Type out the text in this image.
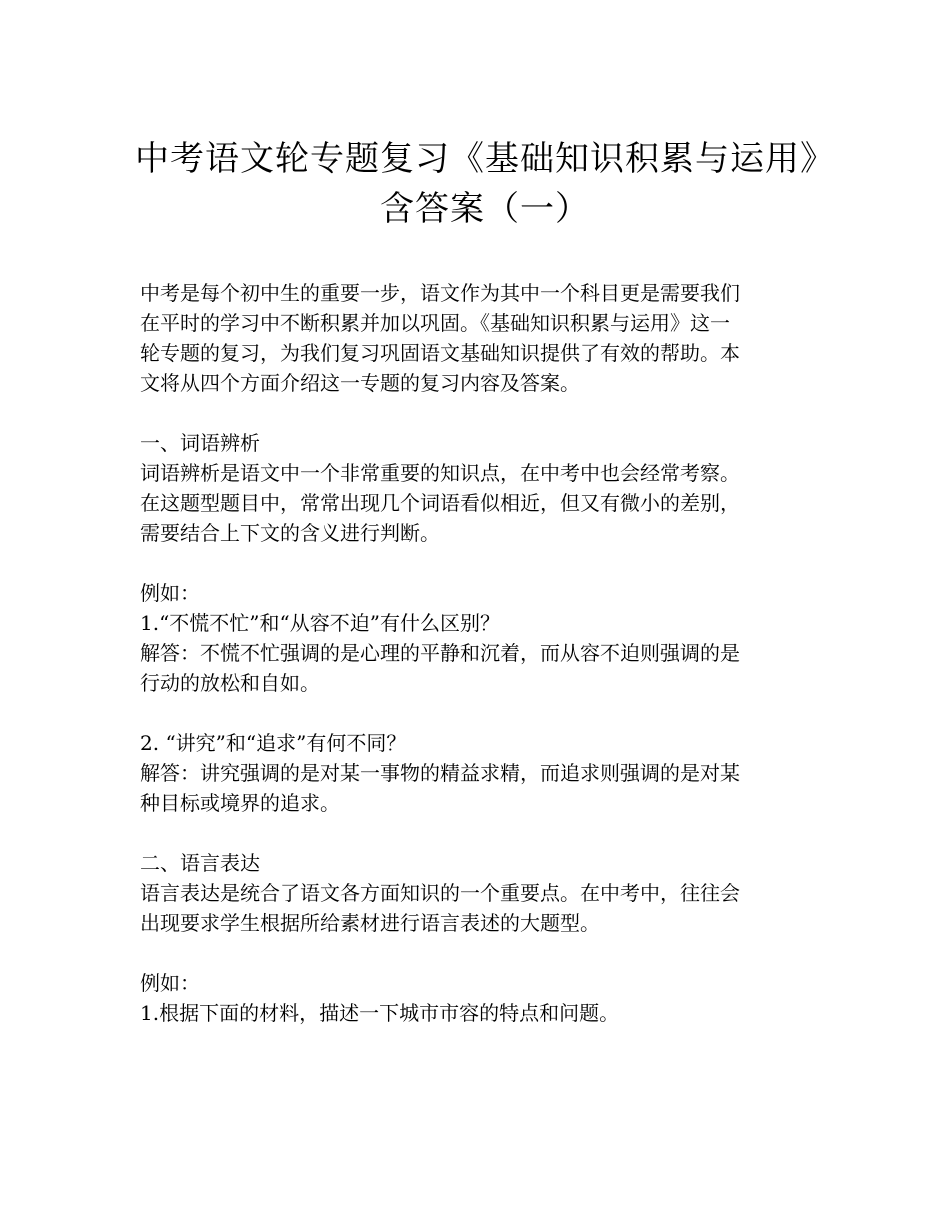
中考语文轮专题复习《基础知识积累与运用》
含答案（一）
中考是每个初中生的重要一步，语文作为其中一个科目更是需要我们
在平时的学习中不断积累并加以巩固。《基础知识积累与运用》这一
轮专题的复习，为我们复习巩固语文基础知识提供了有效的帮助。本
文将从四个方面介绍这一专题的复习内容及答案。
一、词语辨析
词语辨析是语文中一个非常重要的知识点，在中考中也会经常考察。
在这题型题目中，常常出现几个词语看似相近，但又有微小的差别，
需要结合上下文的含义进行判断。
例如：
1.“不慌不忙”和“从容不迫”有什么区别？
解答：不慌不忙强调的是心理的平静和沉着，而从容不迫则强调的是
行动的放松和自如。
2. “讲究”和“追求”有何不同？
解答：讲究强调的是对某一事物的精益求精，而追求则强调的是对某
种目标或境界的追求。
二、语言表达
语言表达是统合了语文各方面知识的一个重要点。在中考中，往往会
出现要求学生根据所给素材进行语言表述的大题型。
例如：
1.根据下面的材料，描述一下城市市容的特点和问题。
